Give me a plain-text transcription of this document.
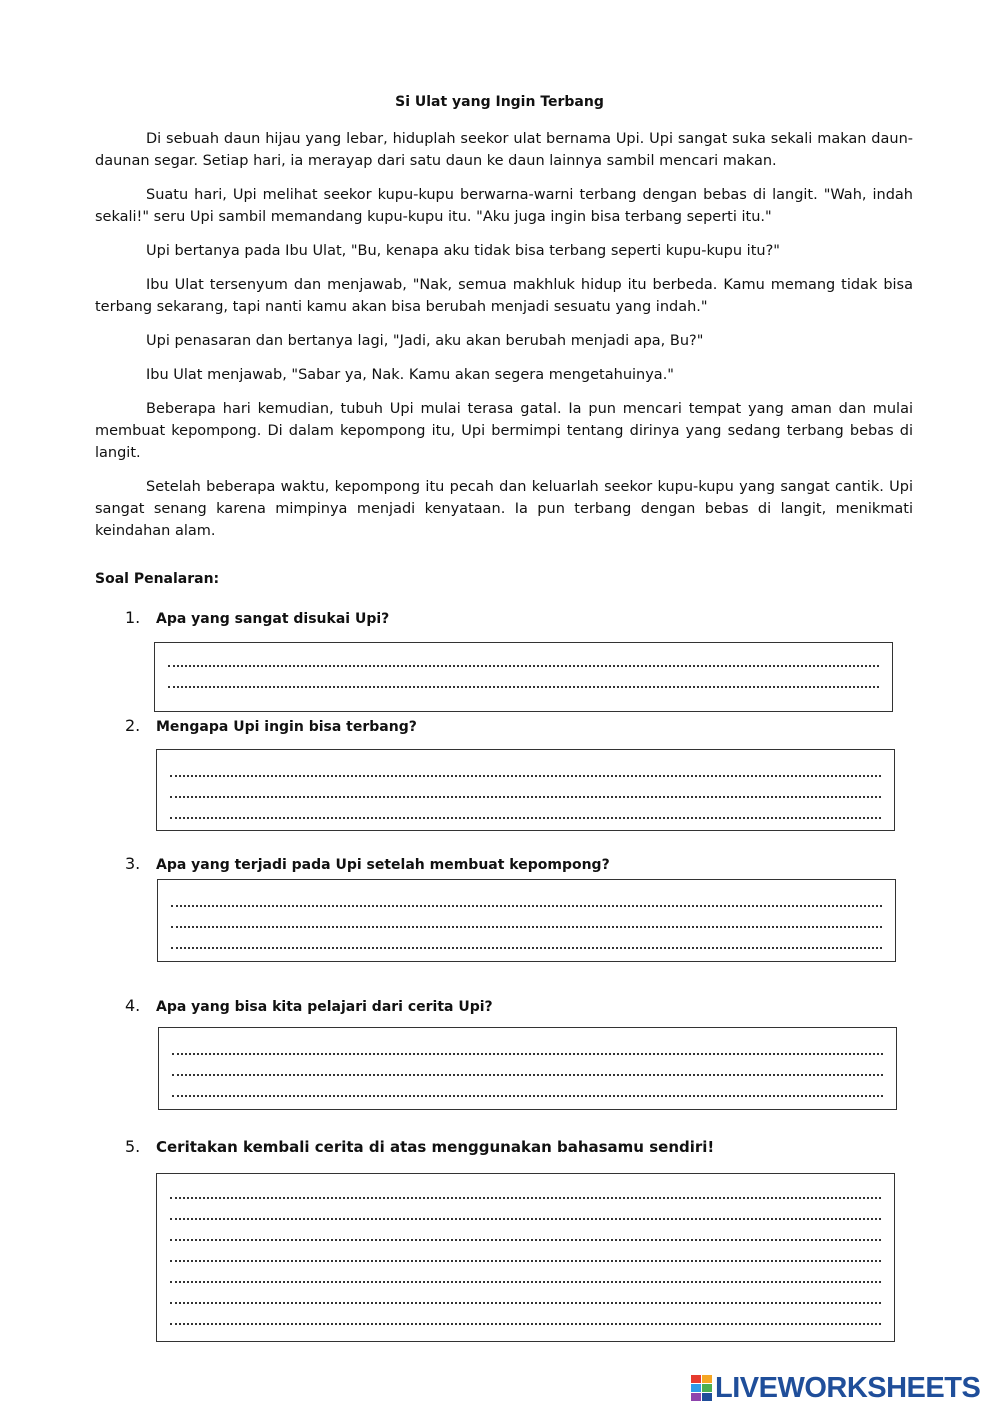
Si Ulat yang Ingin Terbang

Di sebuah daun hijau yang lebar, hiduplah seekor ulat bernama Upi. Upi sangat suka sekali makan daun-daunan segar. Setiap hari, ia merayap dari satu daun ke daun lainnya sambil mencari makan.

Suatu hari, Upi melihat seekor kupu-kupu berwarna-warni terbang dengan bebas di langit. "Wah, indah sekali!" seru Upi sambil memandang kupu-kupu itu. "Aku juga ingin bisa terbang seperti itu."

Upi bertanya pada Ibu Ulat, "Bu, kenapa aku tidak bisa terbang seperti kupu-kupu itu?"

Ibu Ulat tersenyum dan menjawab, "Nak, semua makhluk hidup itu berbeda. Kamu memang tidak bisa terbang sekarang, tapi nanti kamu akan bisa berubah menjadi sesuatu yang indah."

Upi penasaran dan bertanya lagi, "Jadi, aku akan berubah menjadi apa, Bu?"

Ibu Ulat menjawab, "Sabar ya, Nak. Kamu akan segera mengetahuinya."

Beberapa hari kemudian, tubuh Upi mulai terasa gatal. Ia pun mencari tempat yang aman dan mulai membuat kepompong. Di dalam kepompong itu, Upi bermimpi tentang dirinya yang sedang terbang bebas di langit.

Setelah beberapa waktu, kepompong itu pecah dan keluarlah seekor kupu-kupu yang sangat cantik. Upi sangat senang karena mimpinya menjadi kenyataan. Ia pun terbang dengan bebas di langit, menikmati keindahan alam.

Soal Penalaran:
1. Apa yang sangat disukai Upi?
2. Mengapa Upi ingin bisa terbang?
3. Apa yang terjadi pada Upi setelah membuat kepompong?
4. Apa yang bisa kita pelajari dari cerita Upi?
5. Ceritakan kembali cerita di atas menggunakan bahasamu sendiri!
LIVEWORKSHEETS
